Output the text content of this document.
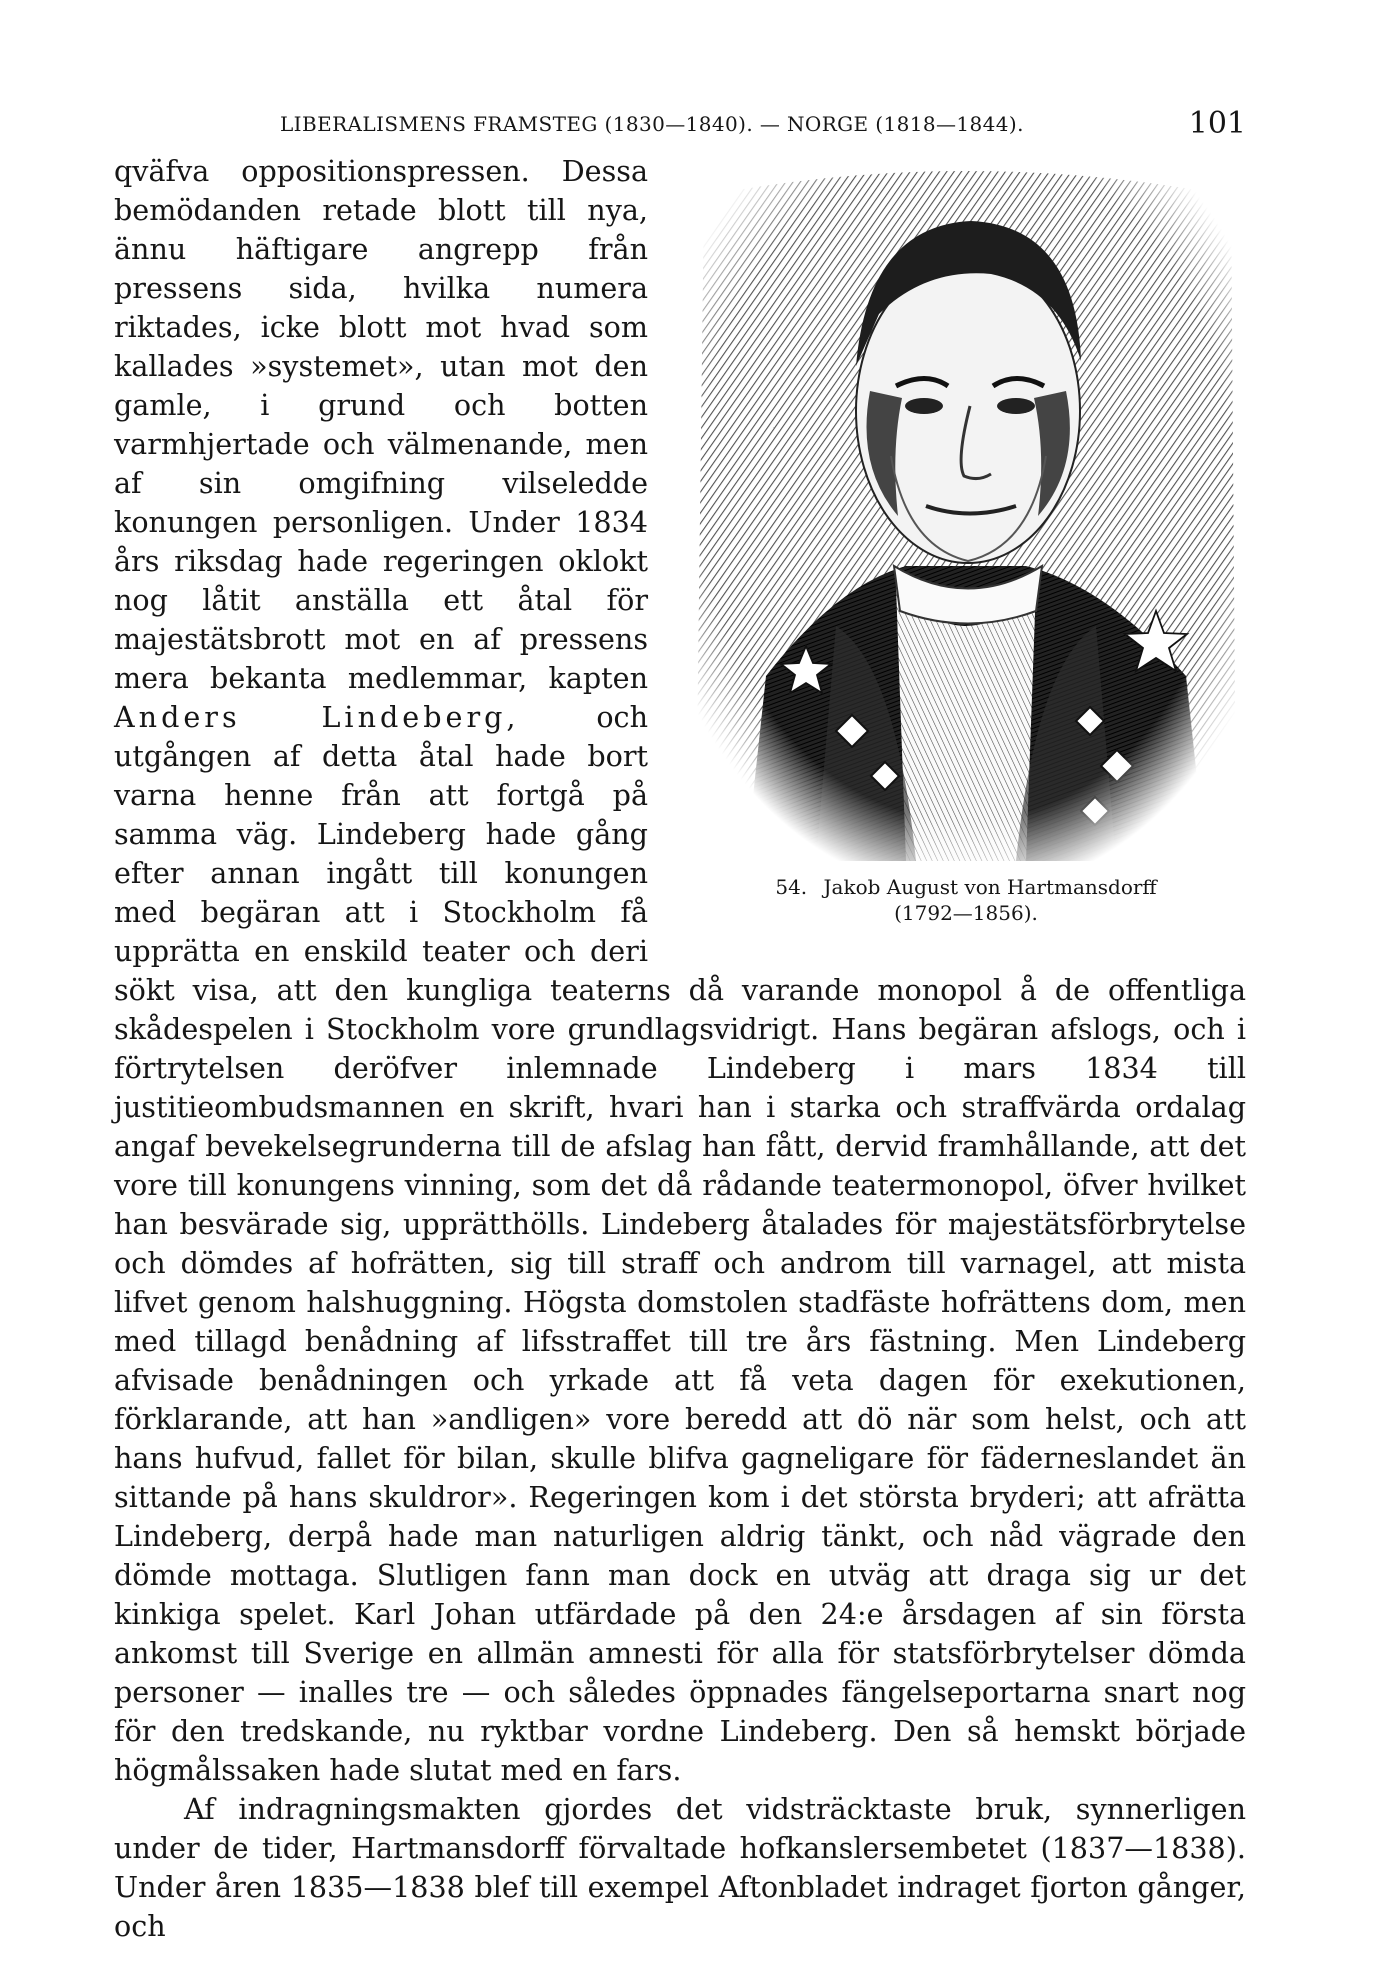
LIBERALISMENS FRAMSTEG (1830—1840). — NORGE (1818—1844).	101
54. Jakob August von Hartmansdorff
(1792—1856).

qväfva oppositionspressen. Dessa bemödanden retade blott till nya, ännu häftigare angrepp från pressens sida, hvilka numera riktades, icke blott mot hvad som kallades »systemet», utan mot den gamle, i grund och botten varmhjertade och välmenande, men af sin omgifning vilseledde konungen personligen. Under 1834 års riksdag hade regeringen oklokt nog låtit anställa ett åtal för majestätsbrott mot en af pressens mera bekanta medlemmar, kapten Anders Lindeberg,	och utgången af detta åtal hade bort varna henne från att fortgå på samma väg. Lindeberg hade gång efter annan ingått till konungen med begäran att i Stockholm få upprätta en enskild teater och deri sökt visa, att den kungliga teaterns då varande monopol å de offentliga skådespelen i Stockholm vore grundlagsvidrigt. Hans begäran afslogs, och i förtrytelsen deröfver inlemnade Lindeberg i mars 1834 till justitieombudsmannen en skrift, hvari han i starka och straffvärda ordalag angaf bevekelsegrunderna till de afslag han fått, dervid framhållande, att det vore till konungens vinning, som det då rådande teatermonopol, öfver hvilket han besvärade sig, upprätthölls. Lindeberg åtalades för majestätsförbrytelse och dömdes af hofrätten, sig till straff och androm till varnagel, att mista lifvet genom halshuggning. Högsta domstolen stadfäste hofrättens dom, men med tillagd benådning af lifsstraffet till tre års fästning. Men Lindeberg afvisade benådningen och yrkade att få veta dagen för exekutionen, förklarande, att han »andligen» vore beredd att dö när som helst, och att hans hufvud, fallet för bilan, skulle blifva gagneligare för fäderneslandet än sittande på hans skuldror». Regeringen kom i det största bryderi; att afrätta Lindeberg, derpå hade man naturligen aldrig tänkt, och nåd vägrade den dömde mottaga. Slutligen fann man dock en utväg att draga sig ur det kinkiga spelet. Karl Johan utfärdade på den 24:e årsdagen af sin första ankomst till Sverige en allmän amnesti för alla för statsförbrytelser dömda personer — inalles tre — och således öppnades fängelseportarna snart nog för den tredskande, nu ryktbar vordne Lindeberg. Den så hemskt började högmålssaken hade slutat med en fars.

Af indragningsmakten gjordes det vidsträcktaste bruk, synnerligen under de tider, Hartmansdorff förvaltade hofkanslersembetet (1837—1838). Under åren 1835—1838 blef till exempel Aftonbladet indraget fjorton gånger, och
